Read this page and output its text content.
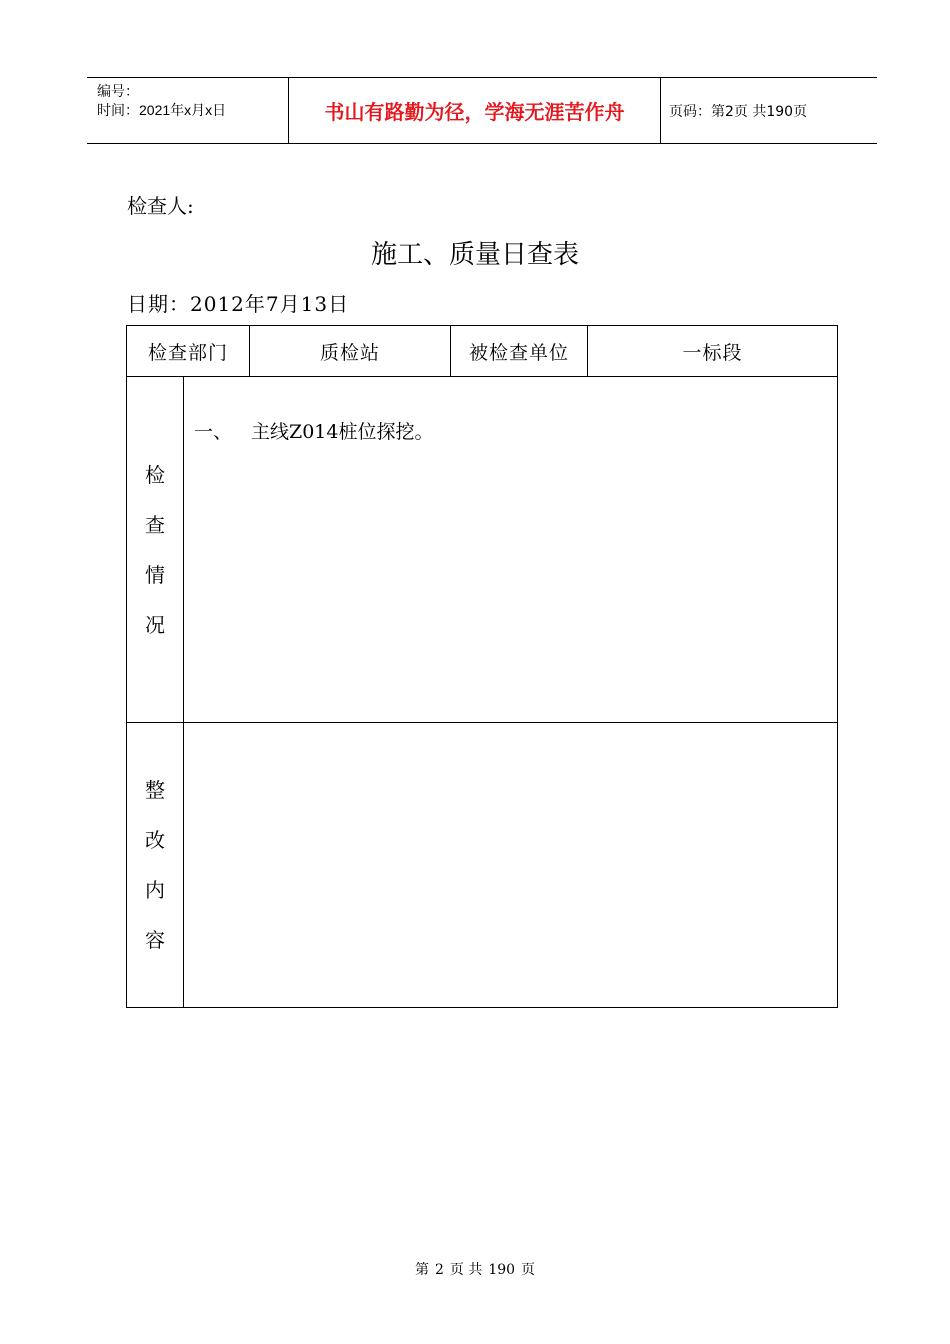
编号：
时间：2021年x月x日	书山有路勤为径，学海无涯苦作舟	页码：第2页 共190页
检查人:
施工、质量日查表
日期：2012年7月13日
检查部门		质检站	被检查单位	一标段

检
查
情
况	一、 主线Z014桩位探挖。			

整
改
内
容				

第 2 页 共 190 页
